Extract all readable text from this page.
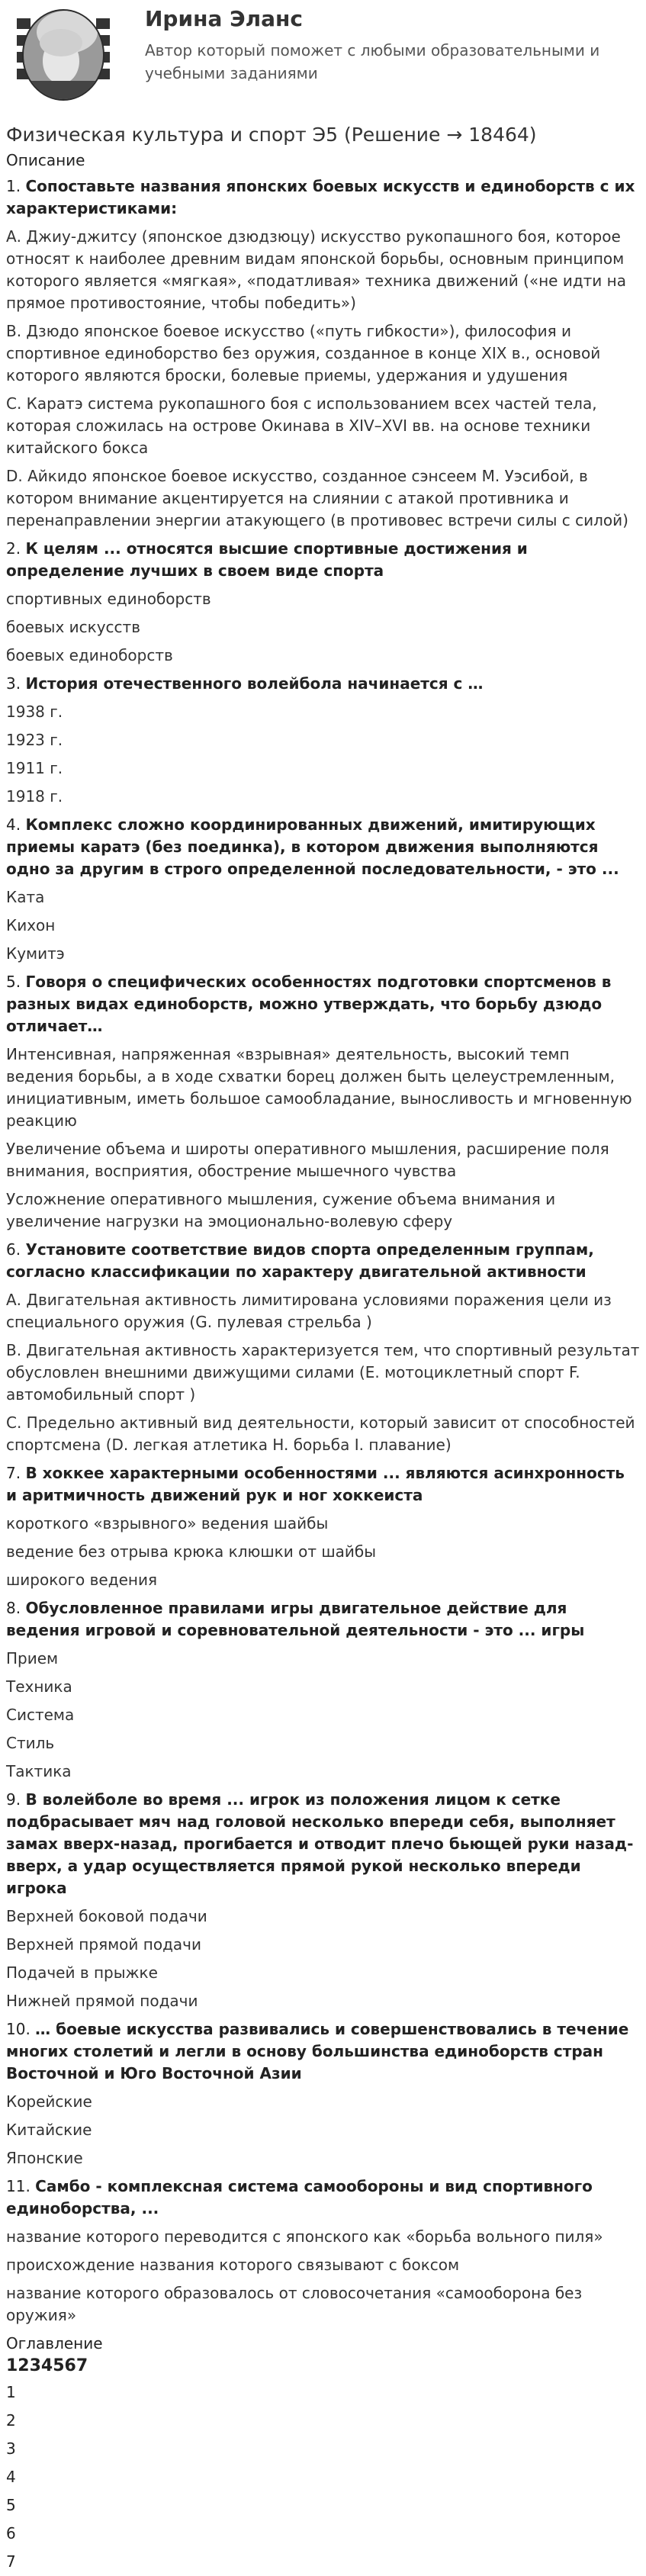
Ирина Эланс
Автор который поможет с любыми образовательными и учебными заданиями
Физическая культура и спорт Э5 (Решение → 18464)
Описание
1. Сопоставьте названия японских боевых искусств и единоборств с их характеристиками:
А. Джиу-джитсу (японское дзюдзюцу) искусство рукопашного боя, которое относят к наиболее древним видам японской борьбы, основным принципом которого является «мягкая», «податливая» техника движений («не идти на прямое противостояние, чтобы победить»)
В. Дзюдо японское боевое искусство («путь гибкости»), философия и спортивное единоборство без оружия, созданное в конце XIX в., основой которого являются броски, болевые приемы, удержания и удушения
С. Каратэ система рукопашного боя с использованием всех частей тела, которая сложилась на острове Окинава в XIV–XVI вв. на основе техники китайского бокса
D. Айкидо японское боевое искусство, созданное сэнсеем М. Уэсибой, в котором внимание акцентируется на слиянии с атакой противника и перенаправлении энергии атакующего (в противовес встречи силы с силой)
2. К целям ... относятся высшие спортивные достижения и определение лучших в своем виде спорта
спортивных единоборств
боевых искусств
боевых единоборств
3. История отечественного волейбола начинается с …
1938 г.
1923 г.
1911 г.
1918 г.
4. Комплекс сложно координированных движений, имитирующих приемы каратэ (без поединка), в котором движения выполняются одно за другим в строго определенной последовательности, - это ...
Ката
Кихон
Кумитэ
5. Говоря о специфических особенностях подготовки спортсменов в разных видах единоборств, можно утверждать, что борьбу дзюдо отличает…
Интенсивная, напряженная «взрывная» деятельность, высокий темп ведения борьбы, а в ходе схватки борец должен быть целеустремленным, инициативным, иметь большое самообладание, выносливость и мгновенную реакцию
Увеличение объема и широты оперативного мышления, расширение поля внимания, восприятия, обострение мышечного чувства
Усложнение оперативного мышления, сужение объема внимания и увеличение нагрузки на эмоционально-волевую сферу
6. Установите соответствие видов спорта определенным группам, согласно классификации по характеру двигательной активности
А. Двигательная активность лимитирована условиями поражения цели из специального оружия (G. пулевая стрельба )
В. Двигательная активность характеризуется тем, что спортивный результат обусловлен внешними движущими силами (E. мотоциклетный спорт F. автомобильный спорт )
С. Предельно активный вид деятельности, который зависит от способностей спортсмена (D. легкая атлетика H. борьба I. плавание)
7. В хоккее характерными особенностями ... являются асинхронность и аритмичность движений рук и ног хоккеиста
короткого «взрывного» ведения шайбы
ведение без отрыва крюка клюшки от шайбы
широкого ведения
8. Обусловленное правилами игры двигательное действие для ведения игровой и соревновательной деятельности - это ... игры
Прием
Техника
Система
Стиль
Тактика
9. В волейболе во время ... игрок из положения лицом к сетке подбрасывает мяч над головой несколько впереди себя, выполняет замах вверх-назад, прогибается и отводит плечо бьющей руки назад-вверх, а удар осуществляется прямой рукой несколько впереди игрока
Верхней боковой подачи
Верхней прямой подачи
Подачей в прыжке
Нижней прямой подачи
10. … боевые искусства развивались и совершенствовались в течение многих столетий и легли в основу большинства единоборств стран Восточной и Юго Восточной Азии
Корейские
Китайские
Японские
11. Самбо - комплексная система самообороны и вид спортивного единоборства, ...
название которого переводится с японского как «борьба вольного пиля»
происхождение названия которого связывают с боксом
название которого образовалось от словосочетания «самооборона без оружия»
Оглавление
1234567
1
2
3
4
5
6
7
